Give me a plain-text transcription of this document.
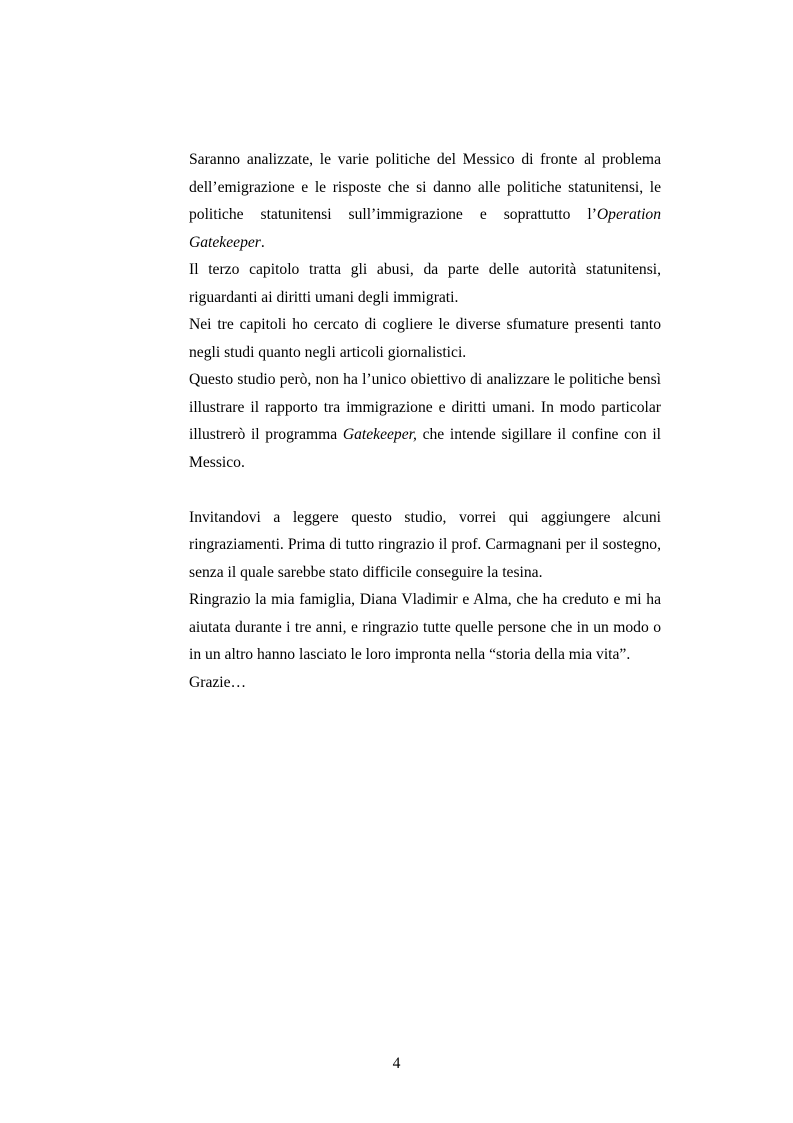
Saranno analizzate, le varie politiche del Messico di fronte al problema dell’emigrazione e le risposte che si danno alle politiche statunitensi, le politiche statunitensi sull’immigrazione e soprattutto l’Operation Gatekeeper.

Il terzo capitolo tratta gli abusi, da parte delle autorità statunitensi, riguardanti ai diritti umani degli immigrati.

Nei tre capitoli ho cercato di cogliere le diverse sfumature presenti tanto negli studi quanto negli articoli giornalistici.

Questo studio però, non ha l’unico obiettivo di analizzare le politiche bensì illustrare il rapporto tra immigrazione e diritti umani. In modo particolar illustrerò il programma Gatekeeper, che intende sigillare il confine con il Messico.

Invitandovi a leggere questo studio, vorrei qui aggiungere alcuni ringraziamenti. Prima di tutto ringrazio il prof. Carmagnani per il sostegno, senza il quale sarebbe stato difficile conseguire la tesina.

Ringrazio la mia famiglia, Diana Vladimir e Alma, che ha creduto e mi ha aiutata durante i tre anni, e ringrazio tutte quelle persone che in un modo o in un altro hanno lasciato le loro impronta nella “storia della mia vita”.

Grazie…

4
